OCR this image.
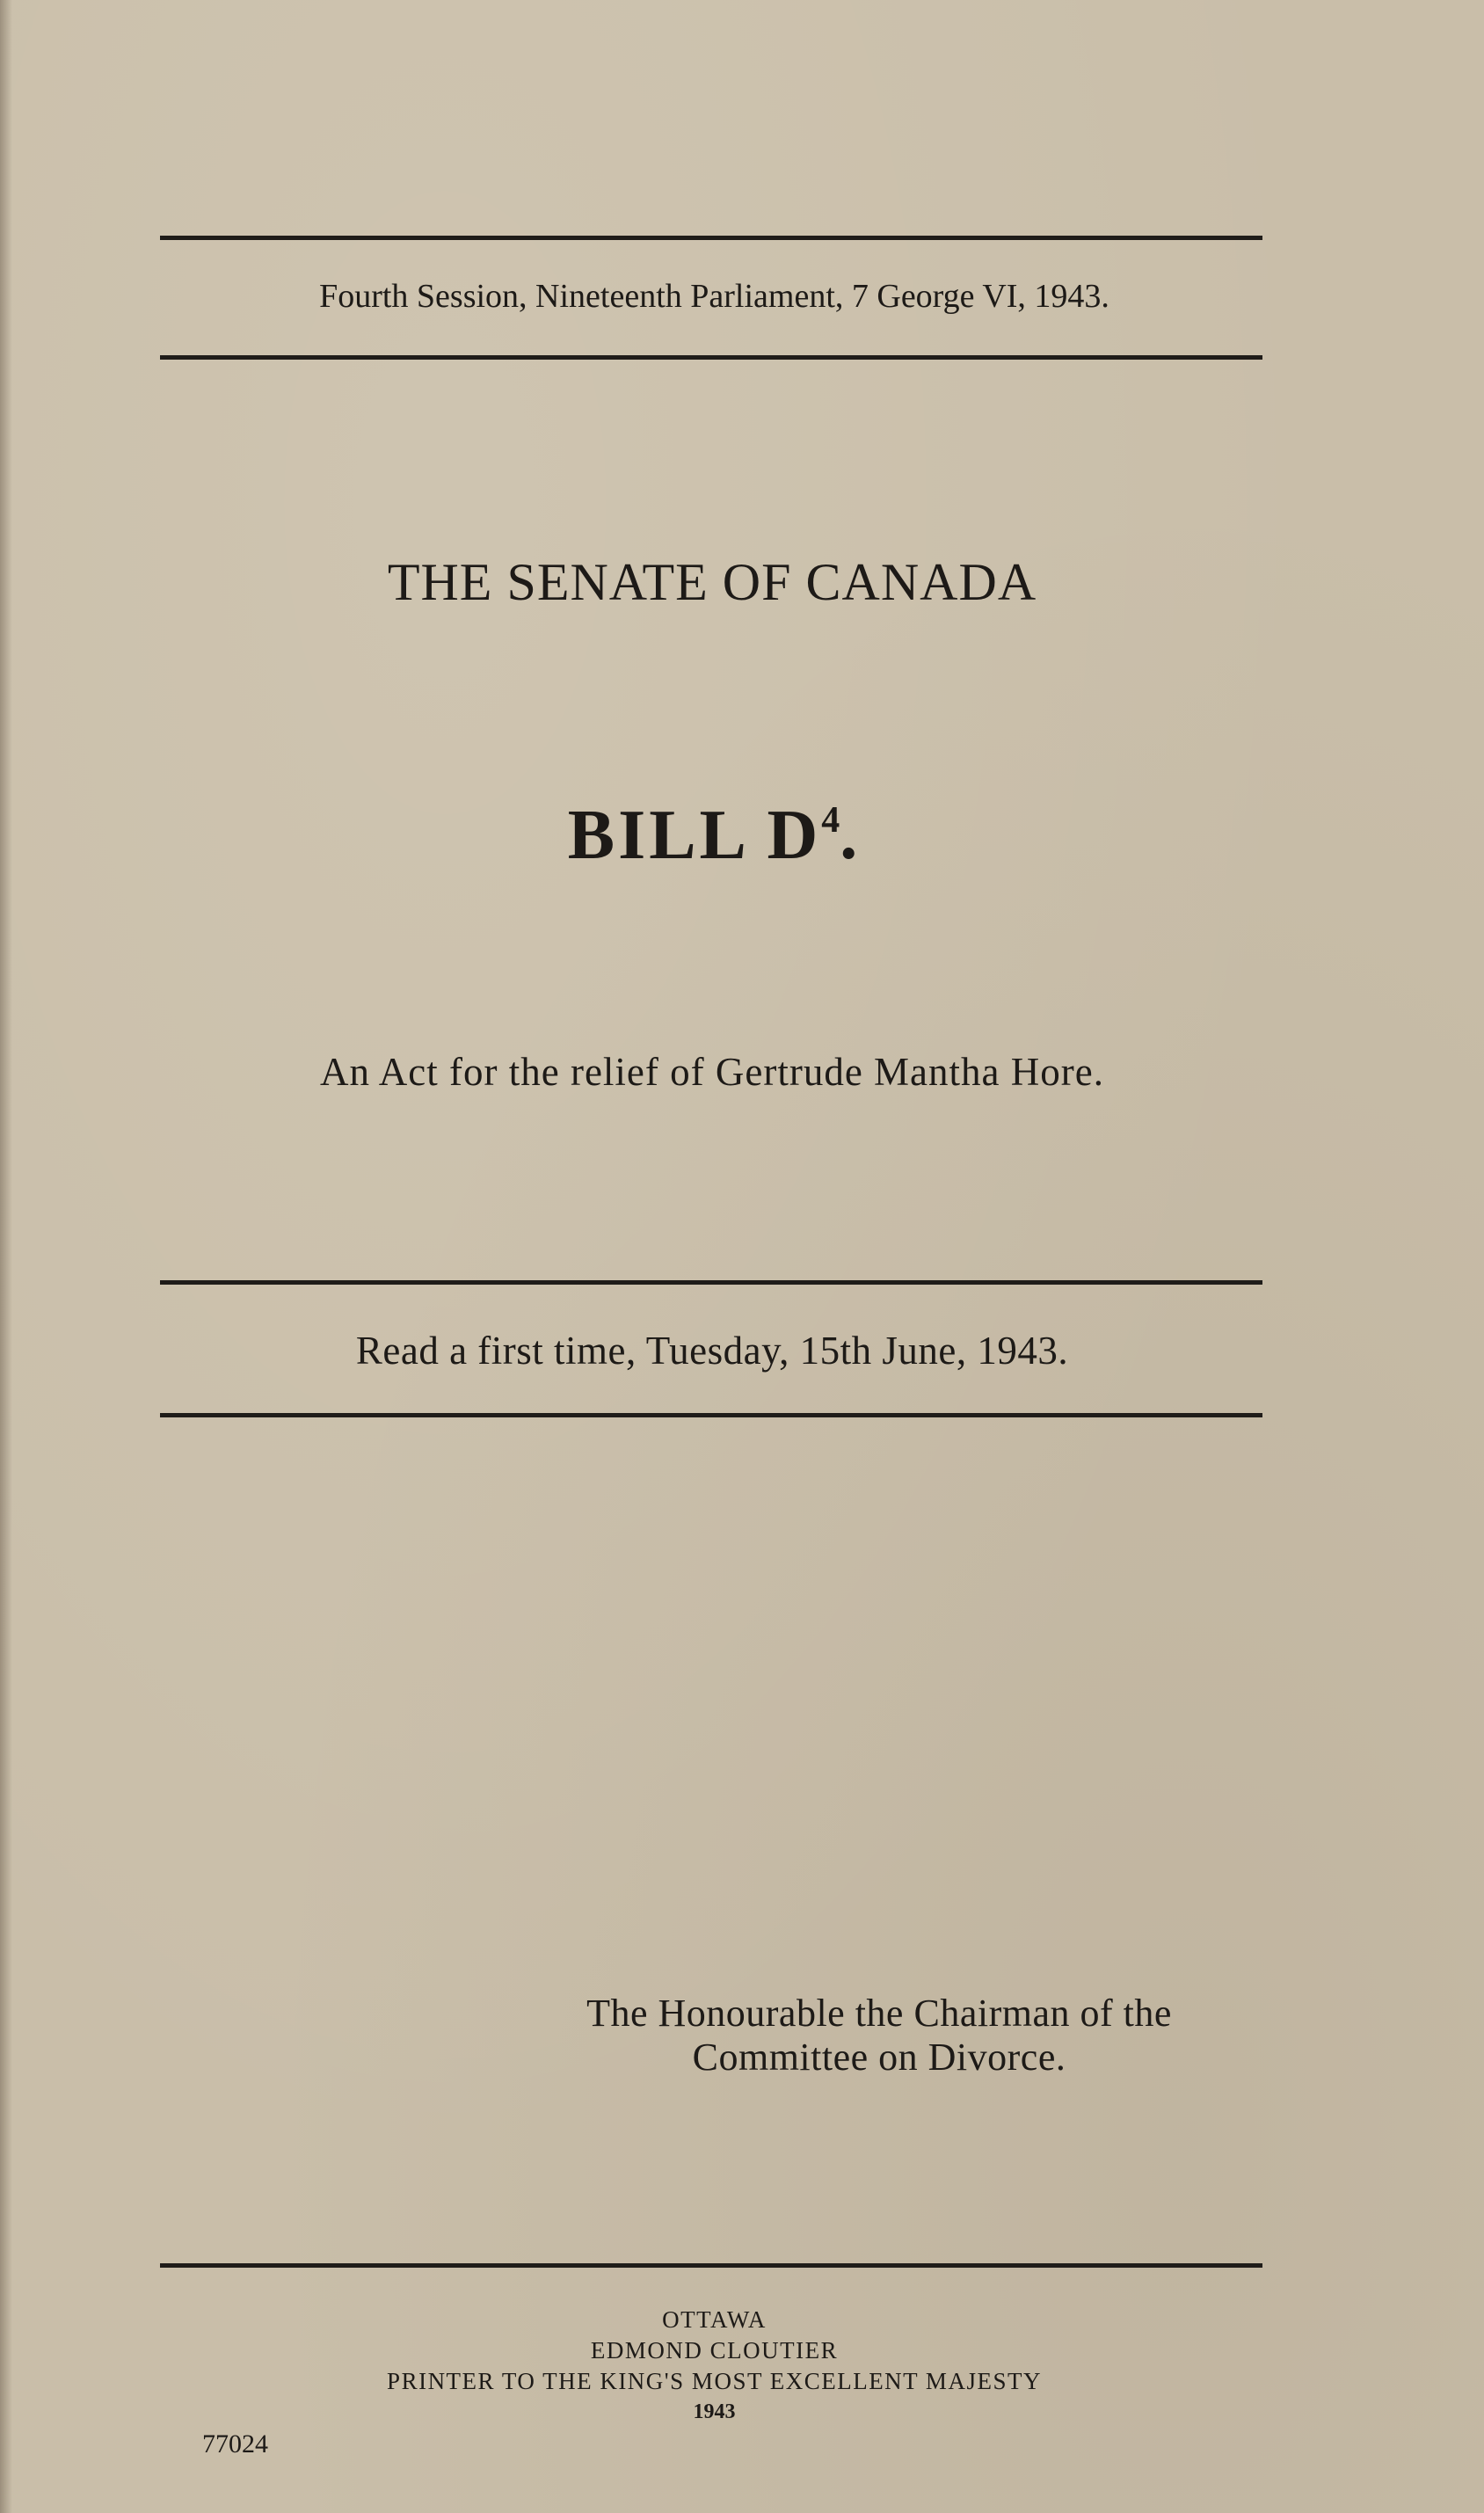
Fourth Session, Nineteenth Parliament, 7 George VI, 1943.
THE SENATE OF CANADA
BILL $D^4$.
An Act for the relief of Gertrude Mantha Hore.
Read a first time, Tuesday, 15th June, 1943.
The Honourable the Chairman of the
Committee on Divorce.
OTTAWA
EDMOND CLOUTIER
PRINTER TO THE KING'S MOST EXCELLENT MAJESTY
1943
77024
